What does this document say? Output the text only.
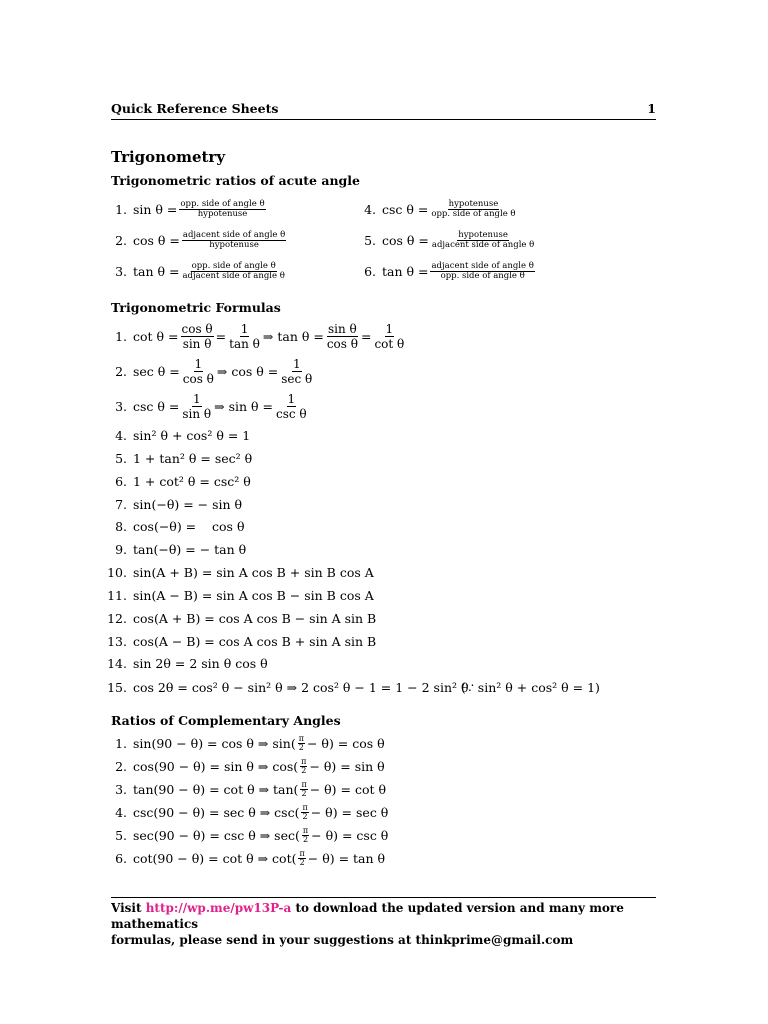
Quick Reference Sheets	1
Trigonometry
Trigonometric ratios of acute angle
1. $\sin \theta = \frac{\text{opp. side of angle θ}}{\text{hypotenuse}}$
2. $\cos \theta = \frac{\text{adjacent side of angle θ}}{\text{hypotenuse}}$
3. $\tan \theta = \frac{\text{opp. side of angle θ}}{\text{adjacent side of angle θ}}$
4. $\csc \theta = \frac{\text{hypotenuse}}{\text{opp. side of angle θ}}$
5. $\cos \theta = \frac{\text{hypotenuse}}{\text{adjacent side of angle θ}}$
6. $\tan \theta = \frac{\text{adjacent side of angle θ}}{\text{opp. side of angle θ}}$
Trigonometric Formulas
1. $\cot \theta = \frac{\text{cos θ}}{\text{sin θ}} = \frac{1}{\text{tan θ}}$ ⇒ $\tan \theta = \frac{\text{sin θ}}{\text{cos θ}} = \frac{1}{\text{cot θ}}$
2. $\sec \theta = \frac{1}{\text{cos θ}}$ ⇒ $\cos \theta = \frac{1}{\text{sec θ}}$
3. $\csc \theta = \frac{1}{\text{sin θ}}$ ⇒ $\sin \theta = \frac{1}{\text{csc θ}}$
4. sin² θ + cos² θ = 1
5. 1 + tan² θ = sec² θ
6. 1 + cot² θ = csc² θ
7. sin(−θ) = − sin θ
8. cos(−θ) =    cos θ
9. tan(−θ) = − tan θ
10. sin(A + B) = sin A cos B + sin B cos A
11. sin(A − B) = sin A cos B − sin B cos A
12. cos(A + B) = cos A cos B − sin A sin B
13. cos(A − B) = cos A cos B + sin A sin B
14. sin 2θ = 2 sin θ cos θ
15. cos 2θ = cos² θ − sin² θ ⇒ 2 cos² θ − 1 = 1 − 2 sin² θ
(∵ sin² θ + cos² θ = 1)
Ratios of Complementary Angles
1. sin(90 − θ) = cos θ ⇒ $\sin( \frac{\pi}{2} - \theta) = \cos \theta$
2. cos(90 − θ) = sin θ ⇒ $\cos( \frac{\pi}{2} - \theta) = \sin \theta$
3. tan(90 − θ) = cot θ ⇒ $\tan( \frac{\pi}{2} - \theta) = \cot \theta$
4. csc(90 − θ) = sec θ ⇒ $\csc( \frac{\pi}{2} - \theta) = \sec \theta$
5. sec(90 − θ) = csc θ ⇒ $\sec( \frac{\pi}{2} - \theta) = \csc \theta$
6. cot(90 − θ) = cot θ ⇒ $\cot( \frac{\pi}{2} - \theta) = \tan \theta$
Visit http://wp.me/pw13P-a to download the updated version and many more mathematics
formulas, please send in your suggestions at thinkprime@gmail.com
